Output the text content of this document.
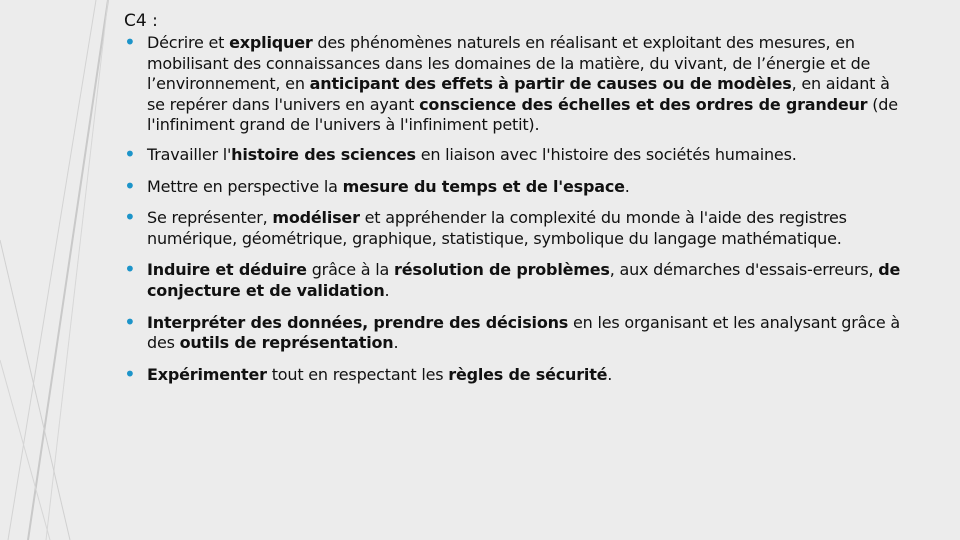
C4 :
• Décrire et expliquer des phénomènes naturels en réalisant et exploitant des mesures, en mobilisant des connaissances dans les domaines de la matière, du vivant, de l’énergie et de l’environnement, en anticipant des effets à partir de causes ou de modèles, en aidant à se repérer dans l'univers en ayant conscience des échelles et des ordres de grandeur (de l'infiniment grand de l'univers à l'infiniment petit).
• Travailler l'histoire des sciences en liaison avec l'histoire des sociétés humaines.
• Mettre en perspective la mesure du temps et de l'espace.
• Se représenter, modéliser et appréhender la complexité du monde à l'aide des registres numérique, géométrique, graphique, statistique, symbolique du langage mathématique.
• Induire et déduire grâce à la résolution de problèmes, aux démarches d'essais-erreurs, de conjecture et de validation.
• Interpréter des données, prendre des décisions en les organisant et les analysant grâce à des outils de représentation.
• Expérimenter tout en respectant les règles de sécurité.
